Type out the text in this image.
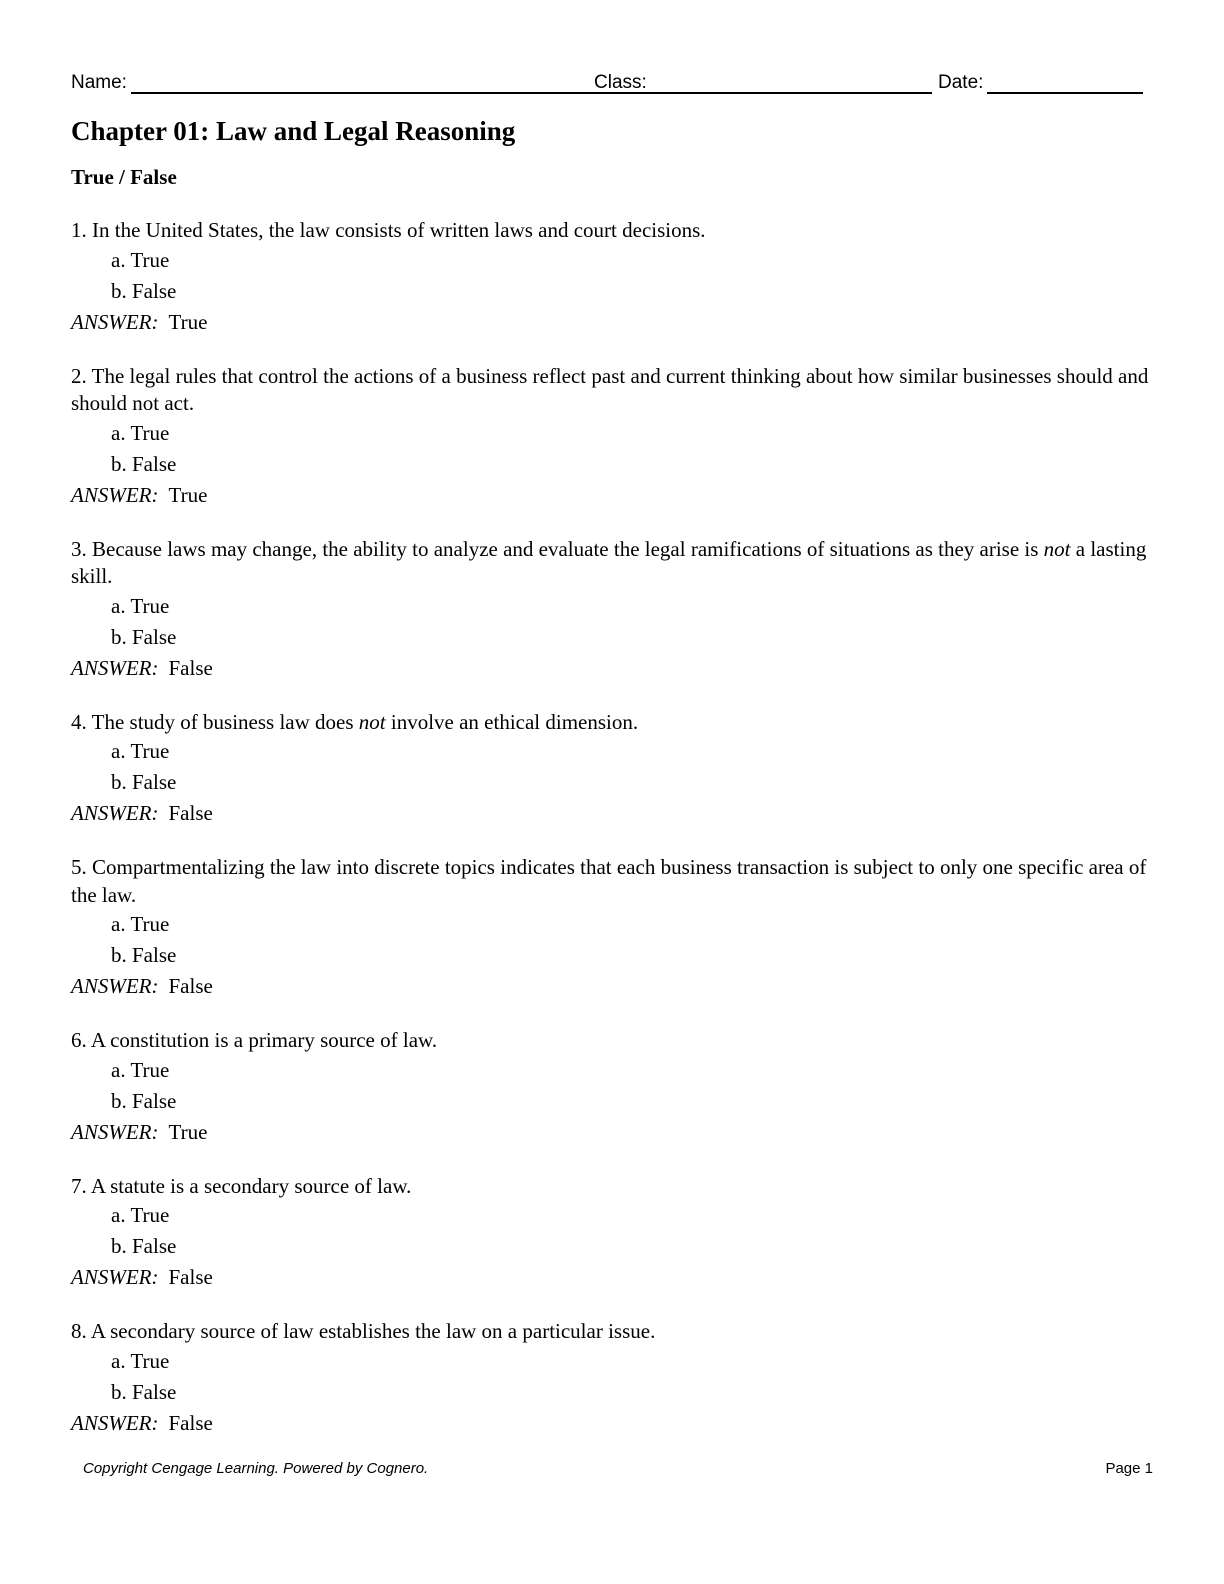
Name:	Class:	Date:
Chapter 01: Law and Legal Reasoning
True / False
1. In the United States, the law consists of written laws and court decisions.
a. True
b. False
ANSWER: True
2. The legal rules that control the actions of a business reflect past and current thinking about how similar businesses should and should not act.
a. True
b. False
ANSWER: True
3. Because laws may change, the ability to analyze and evaluate the legal ramifications of situations as they arise is not a lasting skill.
a. True
b. False
ANSWER: False
4. The study of business law does not involve an ethical dimension.
a. True
b. False
ANSWER: False
5. Compartmentalizing the law into discrete topics indicates that each business transaction is subject to only one specific area of the law.
a. True
b. False
ANSWER: False
6. A constitution is a primary source of law.
a. True
b. False
ANSWER: True
7. A statute is a secondary source of law.
a. True
b. False
ANSWER: False
8. A secondary source of law establishes the law on a particular issue.
a. True
b. False
ANSWER: False
Copyright Cengage Learning. Powered by Cognero.	Page 1
